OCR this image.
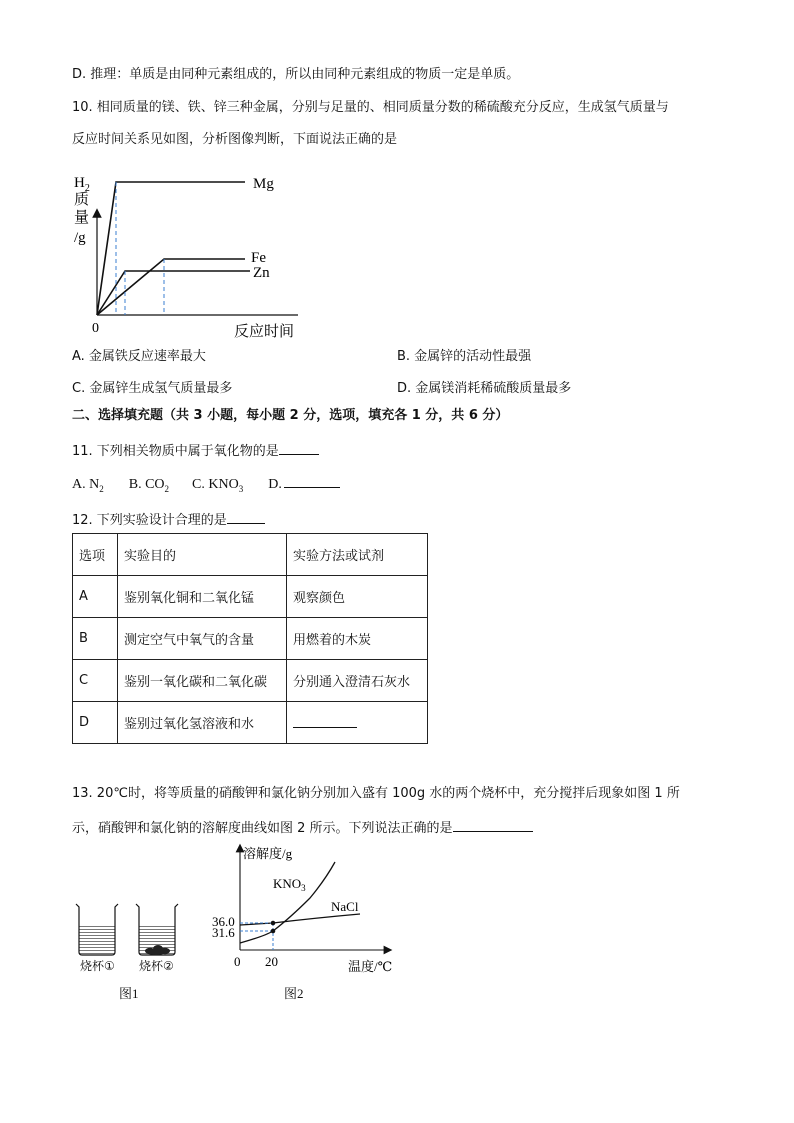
D. 推理：单质是由同种元素组成的，所以由同种元素组成的物质一定是单质。
10. 相同质量的镁、铁、锌三种金属，分别与足量的、相同质量分数的稀硫酸充分反应，生成氢气质量与
反应时间关系见如图，分析图像判断，下面说法正确的是
$H_2$
质
量
/g
0	反应时间
Mg
Fe
Zn
A. 金属铁反应速率最大	B. 金属锌的活动性最强
C. 金属锌生成氢气质量最多	D. 金属镁消耗稀硫酸质量最多
二、选择填充题（共 3 小题，每小题 2 分，选项，填充各 1 分，共 6 分）
11. 下列相关物质中属于氧化物的是
A. $N_2$ B. $CO_2$ C. $KNO_3$ D.
12. 下列实验设计合理的是
选项	实验目的	实验方法或试剂
A	鉴别氧化铜和二氧化锰	观察颜色
B	测定空气中氧气的含量	用燃着的木炭
C	鉴别一氧化碳和二氧化碳	分别通入澄清石灰水
D	鉴别过氧化氢溶液和水	
13. 20℃时，将等质量的硝酸钾和氯化钠分别加入盛有 100g 水的两个烧杯中，充分搅拌后现象如图 1 所
示，硝酸钾和氯化钠的溶解度曲线如图 2 所示。下列说法正确的是
烧杯① 烧杯②
图1
溶解度/g
温度/℃
0 20
36.0
31.6
$KNO_3$
NaCl
图2
